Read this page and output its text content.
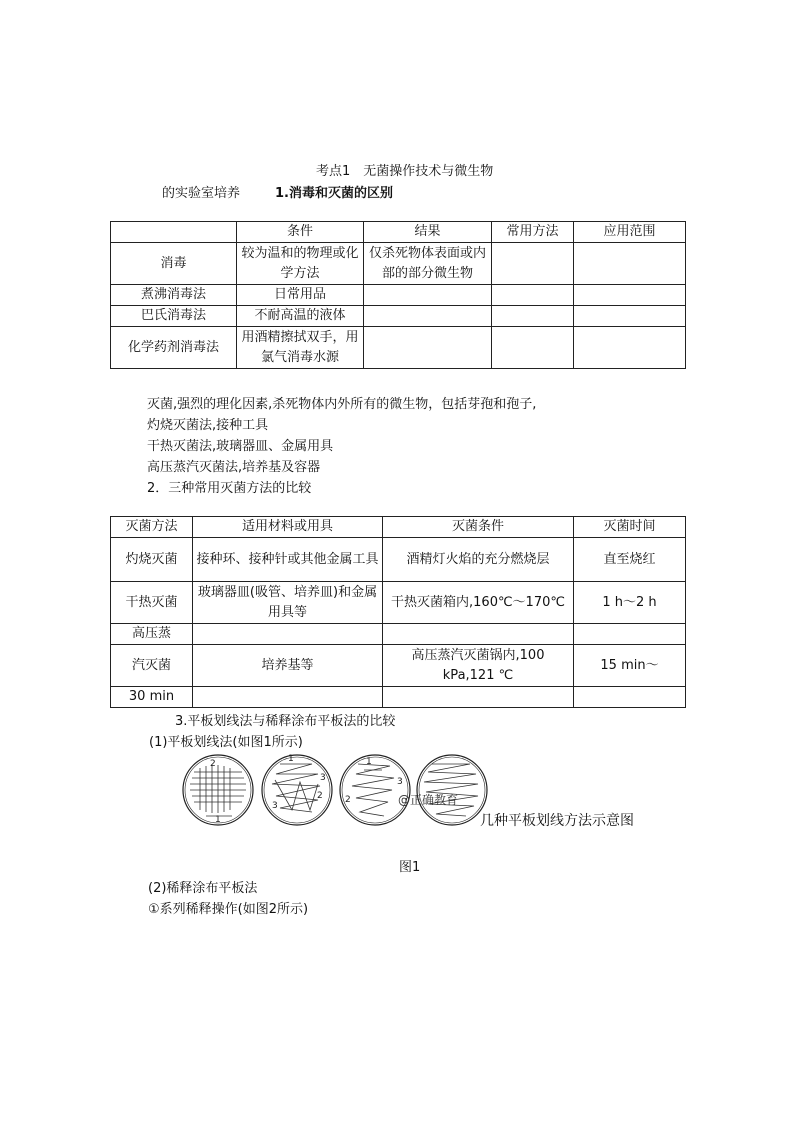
考点1　无菌操作技术与微生物
的实验室培养	1.消毒和灭菌的区别
	条件	结果	常用方法	应用范围
消毒	较为温和的物理或化学方法	仅杀死物体表面或内部的部分微生物		
煮沸消毒法	日常用品			
巴氏消毒法	不耐高温的液体			
化学药剂消毒法	用酒精擦拭双手，用氯气消毒水源			
灭菌,强烈的理化因素,杀死物体内外所有的微生物，包括芽孢和孢子,
灼烧灭菌法,接种工具
干热灭菌法,玻璃器皿、金属用具
高压蒸汽灭菌法,培养基及容器
2．三种常用灭菌方法的比较
灭菌方法	适用材料或用具	灭菌条件	灭菌时间
灼烧灭菌	接种环、接种针或其他金属工具	酒精灯火焰的充分燃烧层	直至烧红
干热灭菌	玻璃器皿(吸管、培养皿)和金属用具等	干热灭菌箱内,160℃～170℃	1 h～2 h
高压蒸			
汽灭菌	培养基等	高压蒸汽灭菌锅内,100 kPa,121 ℃	15 min～
30 min			
3.平板划线法与稀释涂布平板法的比较
(1)平板划线法(如图1所示)
2
1
3
1
2
3
1
2
3
@正确教育
几种平板划线方法示意图
图1
(2)稀释涂布平板法
①系列稀释操作(如图2所示)
